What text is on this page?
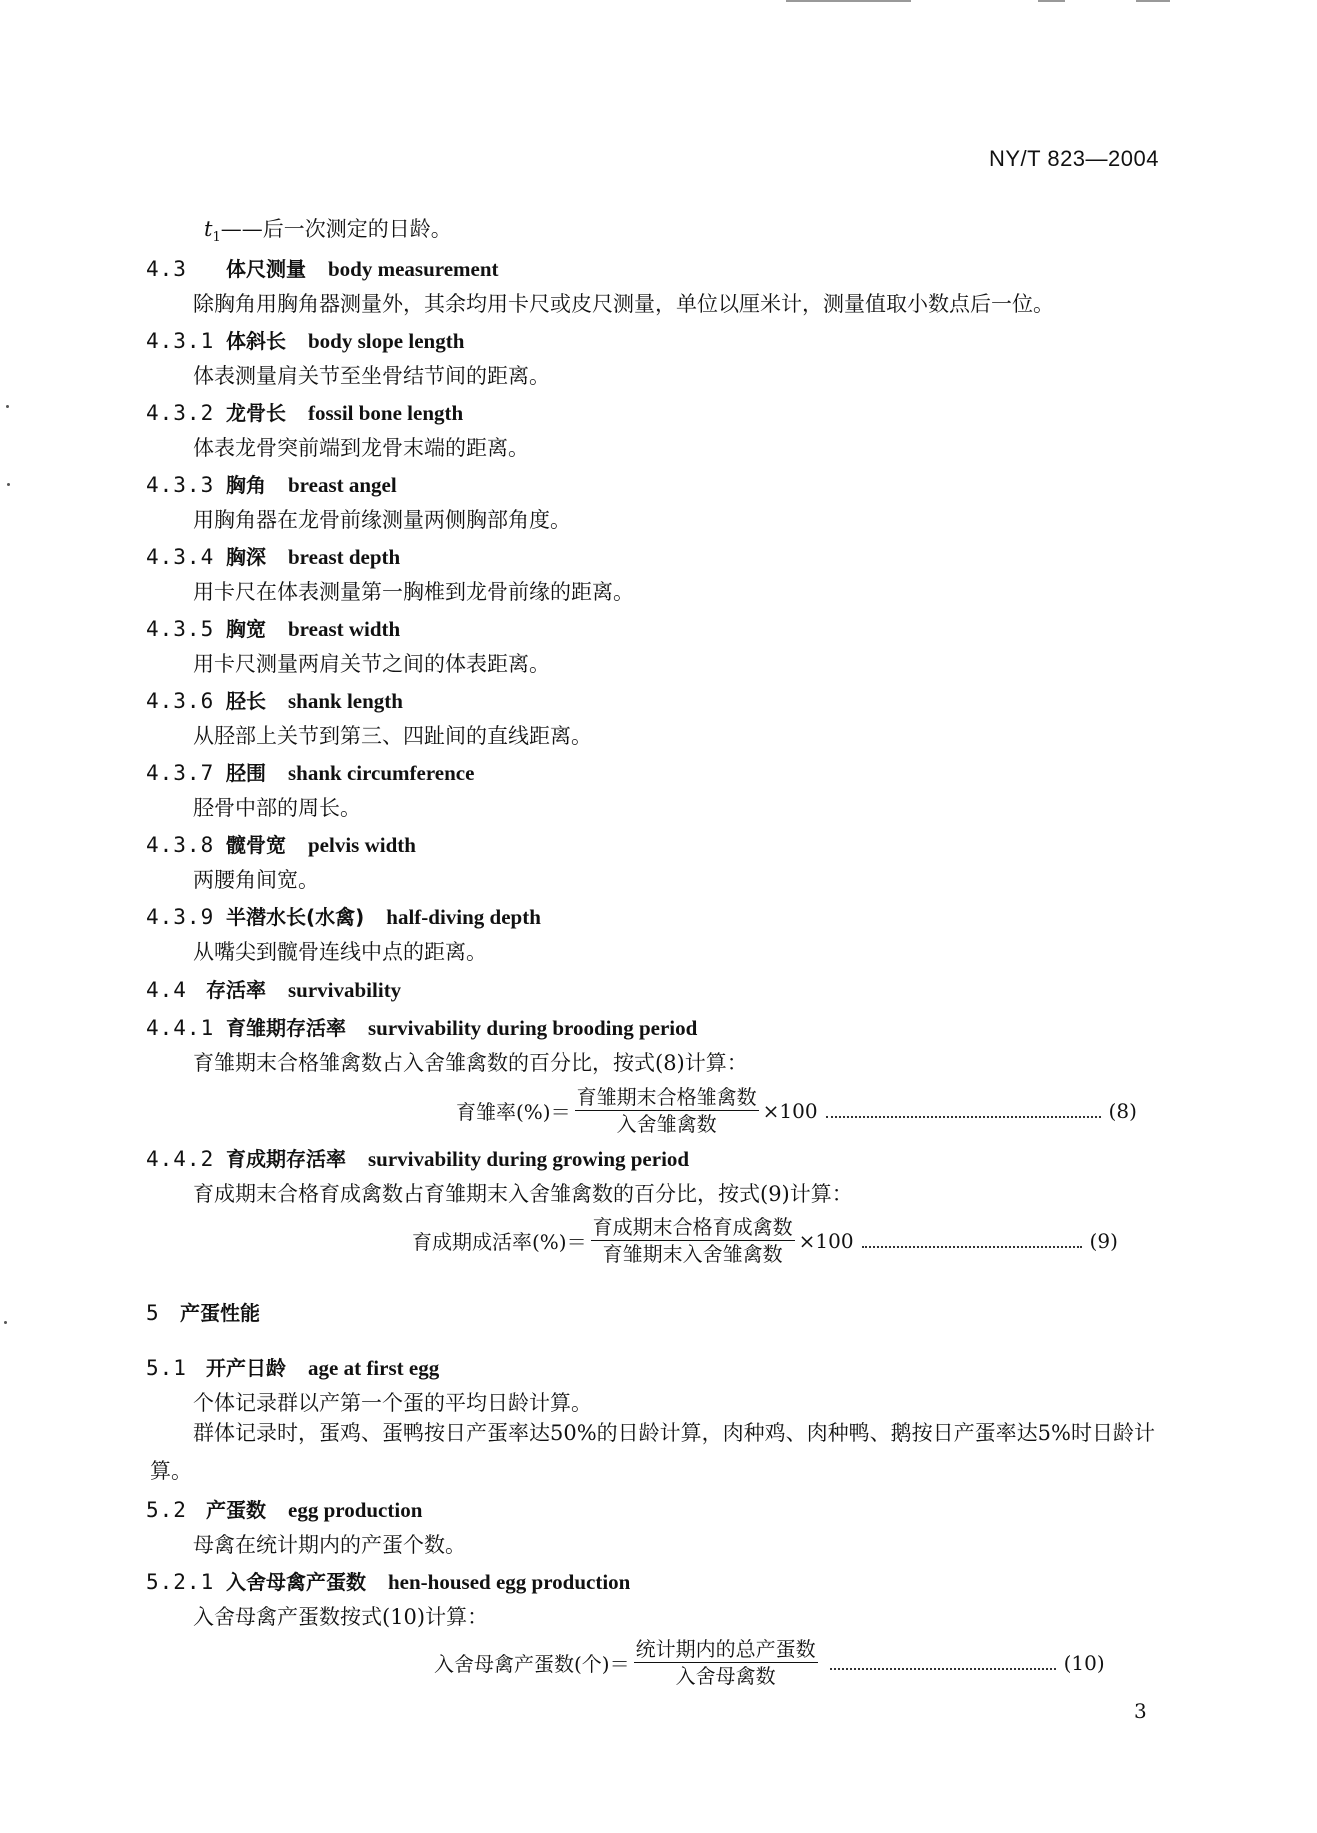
NY/T 823—2004
$t_1——$后一次测定的日龄。
4.3 体尺测量 body measurement
除胸角用胸角器测量外，其余均用卡尺或皮尺测量，单位以厘米计，测量值取小数点后一位。
4.3.1 体斜长 body slope length
体表测量肩关节至坐骨结节间的距离。
4.3.2 龙骨长 fossil bone length
体表龙骨突前端到龙骨末端的距离。
4.3.3 胸角 breast angel
用胸角器在龙骨前缘测量两侧胸部角度。
4.3.4 胸深 breast depth
用卡尺在体表测量第一胸椎到龙骨前缘的距离。
4.3.5 胸宽 breast width
用卡尺测量两肩关节之间的体表距离。
4.3.6 胫长 shank length
从胫部上关节到第三、四趾间的直线距离。
4.3.7 胫围 shank circumference
胫骨中部的周长。
4.3.8 髋骨宽 pelvis width
两腰角间宽。
4.3.9 半潜水长(水禽) half-diving depth
从嘴尖到髋骨连线中点的距离。
4.4 存活率 survivability
4.4.1 育雏期存活率 survivability during brooding period
育雏期末合格雏禽数占入舍雏禽数的百分比，按式(8)计算：
育雏率(%)＝ $\frac{\text{育雏期末合格雏禽数}}{\text{入舍雏禽数}} \times 100$	(8)
4.4.2 育成期存活率 survivability during growing period
育成期末合格育成禽数占育雏期末入舍雏禽数的百分比，按式(9)计算：
育成期成活率(%)＝ $\frac{\text{育成期末合格育成禽数}}{\text{育雏期末入舍雏禽数}} \times 100$	(9)
5 产蛋性能
5.1 开产日龄 age at first egg
个体记录群以产第一个蛋的平均日龄计算。
群体记录时，蛋鸡、蛋鸭按日产蛋率达50%的日龄计算，肉种鸡、肉种鸭、鹅按日产蛋率达5%时日龄计算。
5.2 产蛋数 egg production
母禽在统计期内的产蛋个数。
5.2.1 入舍母禽产蛋数 hen-housed egg production
入舍母禽产蛋数按式(10)计算：
入舍母禽产蛋数(个)＝ $\frac{\text{统计期内的总产蛋数}}{\text{入舍母禽数}}$	(10)
3
